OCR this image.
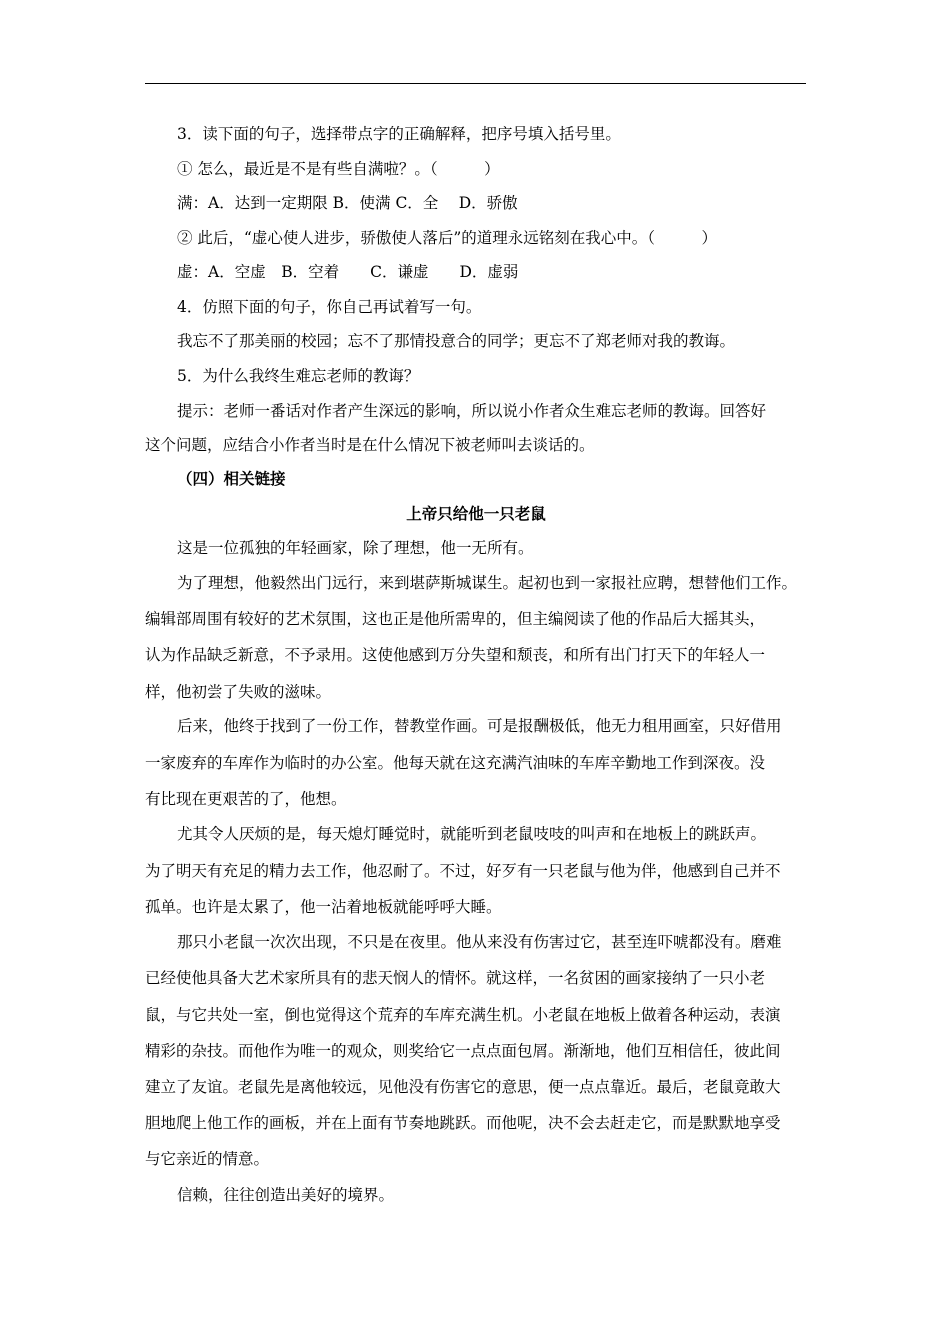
3．读下面的句子，选择带点字的正确解释，把序号填入括号里。
① 怎么，最近是不是有些自满啦？。（　　　）
满：A．达到一定期限 B．使满 C．全　 D．骄傲
② 此后，“虚心使人进步，骄傲使人落后”的道理永远铭刻在我心中。（　　　）
虚：A．空虚　B．空着　　C．谦虚　　D．虚弱
4．仿照下面的句子，你自己再试着写一句。
我忘不了那美丽的校园；忘不了那情投意合的同学；更忘不了郑老师对我的教诲。
5．为什么我终生难忘老师的教诲？
提示：老师一番话对作者产生深远的影响，所以说小作者众生难忘老师的教诲。回答好
这个问题，应结合小作者当时是在什么情况下被老师叫去谈话的。
（四）相关链接
上帝只给他一只老鼠
这是一位孤独的年轻画家，除了理想，他一无所有。
为了理想，他毅然出门远行，来到堪萨斯城谋生。起初也到一家报社应聘，想替他们工作。
编辑部周围有较好的艺术氛围，这也正是他所需卑的，但主编阅读了他的作品后大摇其头，
认为作品缺乏新意，不予录用。这使他感到万分失望和颓丧，和所有出门打天下的年轻人一
样，他初尝了失败的滋味。
后来，他终于找到了一份工作，替教堂作画。可是报酬极低，他无力租用画室，只好借用
一家废弃的车库作为临时的办公室。他每天就在这充满汽油味的车库辛勤地工作到深夜。没
有比现在更艰苦的了，他想。
尤其令人厌烦的是，每天熄灯睡觉时，就能听到老鼠吱吱的叫声和在地板上的跳跃声。
为了明天有充足的精力去工作，他忍耐了。不过，好歹有一只老鼠与他为伴，他感到自己并不
孤单。也许是太累了，他一沾着地板就能呼呼大睡。
那只小老鼠一次次出现，不只是在夜里。他从来没有伤害过它，甚至连吓唬都没有。磨难
已经使他具备大艺术家所具有的悲天悯人的情怀。就这样，一名贫困的画家接纳了一只小老
鼠，与它共处一室，倒也觉得这个荒弃的车库充满生机。小老鼠在地板上做着各种运动，表演
精彩的杂技。而他作为唯一的观众，则奖给它一点点面包屑。渐渐地，他们互相信任，彼此间
建立了友谊。老鼠先是离他较远，见他没有伤害它的意思，便一点点靠近。最后，老鼠竟敢大
胆地爬上他工作的画板，并在上面有节奏地跳跃。而他呢，决不会去赶走它，而是默默地享受
与它亲近的情意。
信赖，往往创造出美好的境界。
